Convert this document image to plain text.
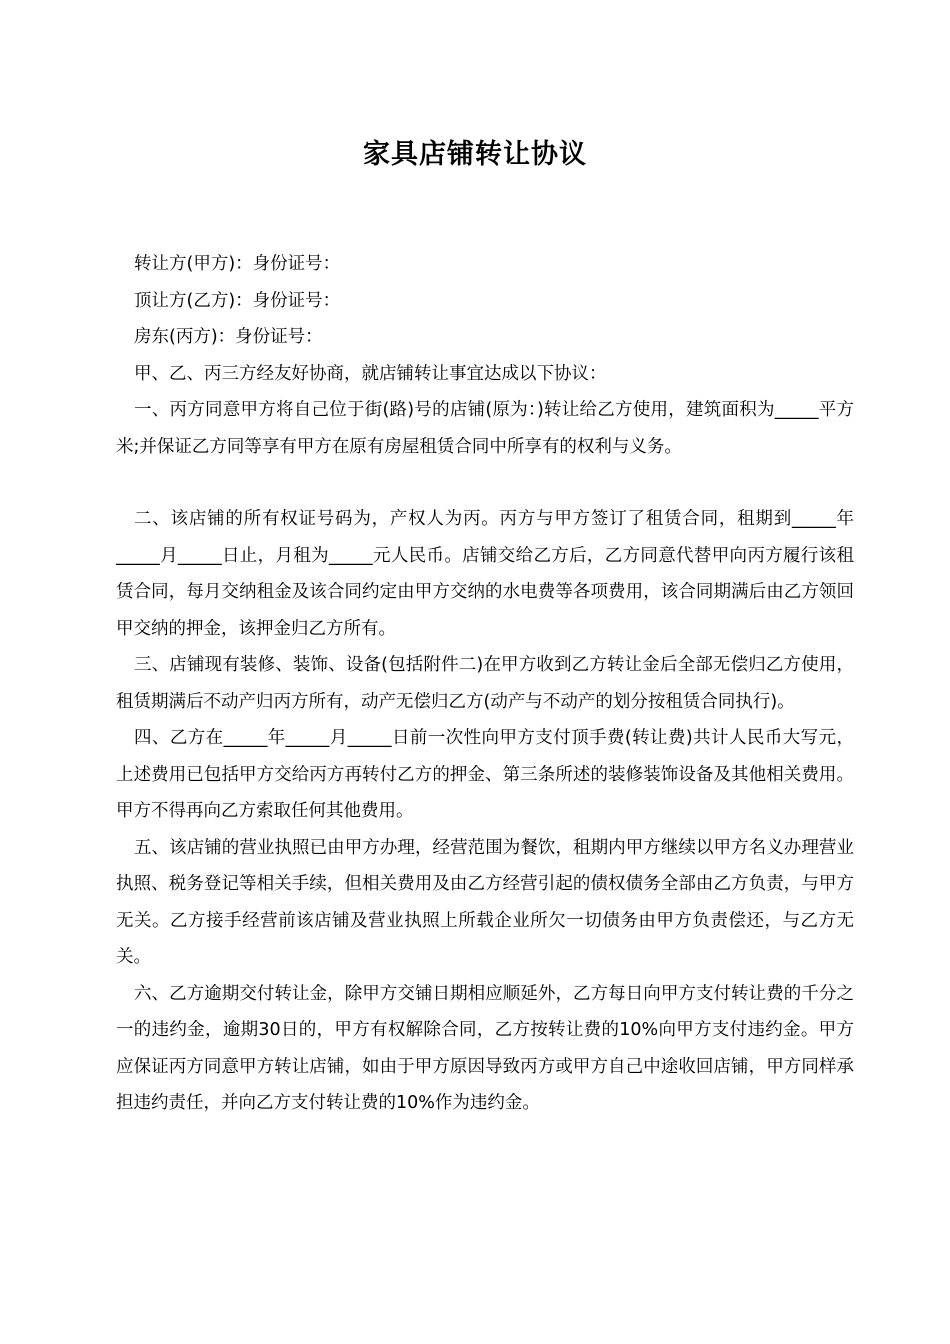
家具店铺转让协议

转让方(甲方)：身份证号：

顶让方(乙方)：身份证号：

房东(丙方)：身份证号：

甲、乙、丙三方经友好协商，就店铺转让事宜达成以下协议：

一、丙方同意甲方将自己位于街(路)号的店铺(原为：)转让给乙方使用，建筑面积为_____平方米;并保证乙方同等享有甲方在原有房屋租赁合同中所享有的权利与义务。

二、该店铺的所有权证号码为，产权人为丙。丙方与甲方签订了租赁合同，租期到_____年_____月_____日止，月租为_____元人民币。店铺交给乙方后，乙方同意代替甲向丙方履行该租赁合同，每月交纳租金及该合同约定由甲方交纳的水电费等各项费用，该合同期满后由乙方领回甲交纳的押金，该押金归乙方所有。

三、店铺现有装修、装饰、设备(包括附件二)在甲方收到乙方转让金后全部无偿归乙方使用，租赁期满后不动产归丙方所有，动产无偿归乙方(动产与不动产的划分按租赁合同执行)。

四、乙方在_____年_____月_____日前一次性向甲方支付顶手费(转让费)共计人民币大写元，上述费用已包括甲方交给丙方再转付乙方的押金、第三条所述的装修装饰设备及其他相关费用。甲方不得再向乙方索取任何其他费用。

五、该店铺的营业执照已由甲方办理，经营范围为餐饮，租期内甲方继续以甲方名义办理营业执照、税务登记等相关手续，但相关费用及由乙方经营引起的债权债务全部由乙方负责，与甲方无关。乙方接手经营前该店铺及营业执照上所载企业所欠一切债务由甲方负责偿还，与乙方无关。

六、乙方逾期交付转让金，除甲方交铺日期相应顺延外，乙方每日向甲方支付转让费的千分之一的违约金，逾期30日的，甲方有权解除合同，乙方按转让费的10%向甲方支付违约金。甲方应保证丙方同意甲方转让店铺，如由于甲方原因导致丙方或甲方自己中途收回店铺，甲方同样承担违约责任，并向乙方支付转让费的10%作为违约金。
